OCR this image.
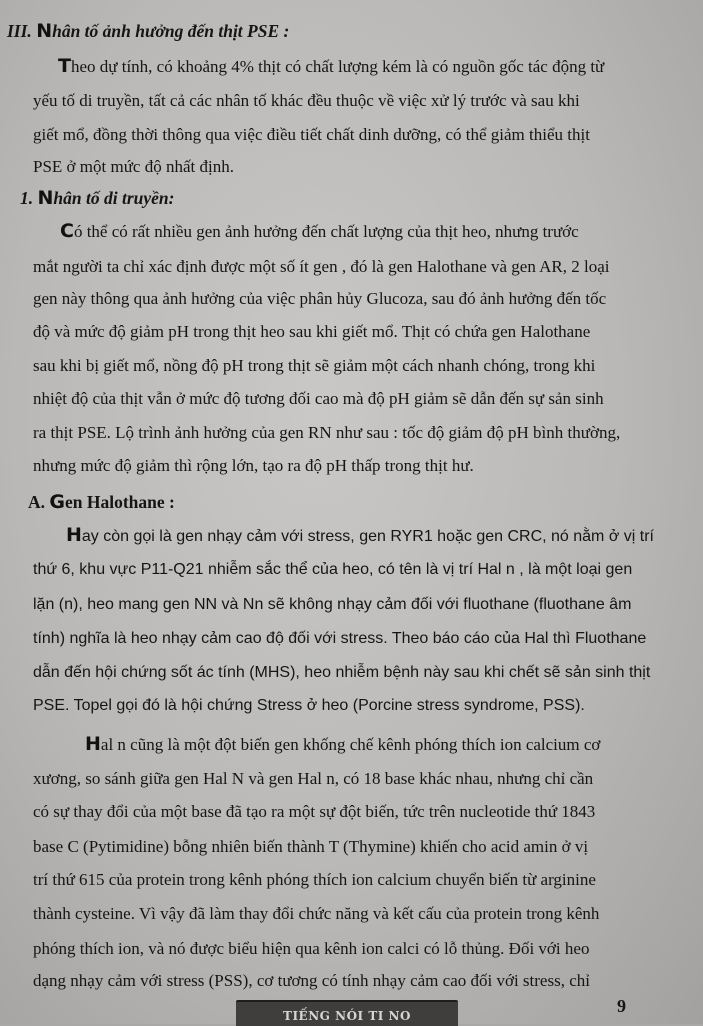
III. Nhân tố ảnh hưởng đến thịt PSE :
Theo dự tính, có khoảng 4% thịt có chất lượng kém là có nguồn gốc tác động từ
yếu tố di truyền, tất cả các nhân tố khác đều thuộc về việc xử lý trước và sau khi
giết mổ, đồng thời thông qua việc điều tiết chất dinh dưỡng, có thể giảm thiểu thịt
PSE ở một mức độ nhất định.
1. Nhân tố di truyền:
Có thể có rất nhiều gen ảnh hưởng đến chất lượng của thịt heo, nhưng trước
mắt người ta chỉ xác định được một số ít gen , đó là gen Halothane và gen AR, 2 loại
gen này thông qua ảnh hưởng của việc phân hủy Glucoza, sau đó ảnh hưởng đến tốc
độ và mức độ giảm pH trong thịt heo sau khi giết mổ. Thịt có chứa gen Halothane
sau khi bị giết mổ, nồng độ pH trong thịt sẽ giảm một cách nhanh chóng, trong khi
nhiệt độ của thịt vẫn ở mức độ tương đối cao mà độ pH giảm sẽ dẫn đến sự sản sinh
ra thịt PSE. Lộ trình ảnh hưởng của gen RN như sau : tốc độ giảm độ pH bình thường,
nhưng mức độ giảm thì rộng lớn, tạo ra độ pH thấp trong thịt hư.
A. Gen Halothane :
Hay còn gọi là gen nhạy cảm với stress, gen RYR1 hoặc gen CRC, nó nằm ở vị trí
thứ 6, khu vực P11-Q21 nhiễm sắc thể của heo, có tên là vị trí Hal n , là một loại gen
lặn (n), heo mang gen NN và Nn sẽ không nhạy cảm đối với fluothane (fluothane âm
tính) nghĩa là heo nhạy cảm cao độ đối với stress. Theo báo cáo của Hal thì Fluothane
dẫn đến hội chứng sốt ác tính (MHS), heo nhiễm bệnh này sau khi chết sẽ sản sinh thịt
PSE. Topel gọi đó là hội chứng Stress ở heo (Porcine stress syndrome, PSS).
Hal n cũng là một đột biến gen khống chế kênh phóng thích ion calcium cơ
xương, so sánh giữa gen Hal N và gen Hal n, có 18 base khác nhau, nhưng chỉ cần
có sự thay đổi của một base đã tạo ra một sự đột biến, tức trên nucleotide thứ 1843
base C (Pytimidine) bỗng nhiên biến thành T (Thymine) khiến cho acid amin ở vị
trí thứ 615 của protein trong kênh phóng thích ion calcium chuyển biến từ arginine
thành cysteine. Vì vậy đã làm thay đổi chức năng và kết cấu của protein trong kênh
phóng thích ion, và nó được biểu hiện qua kênh ion calci có lỗ thủng. Đối với heo
dạng nhạy cảm với stress (PSS), cơ tương có tính nhạy cảm cao đối với stress, chỉ
TIẾNG NÓI TI NO	9
